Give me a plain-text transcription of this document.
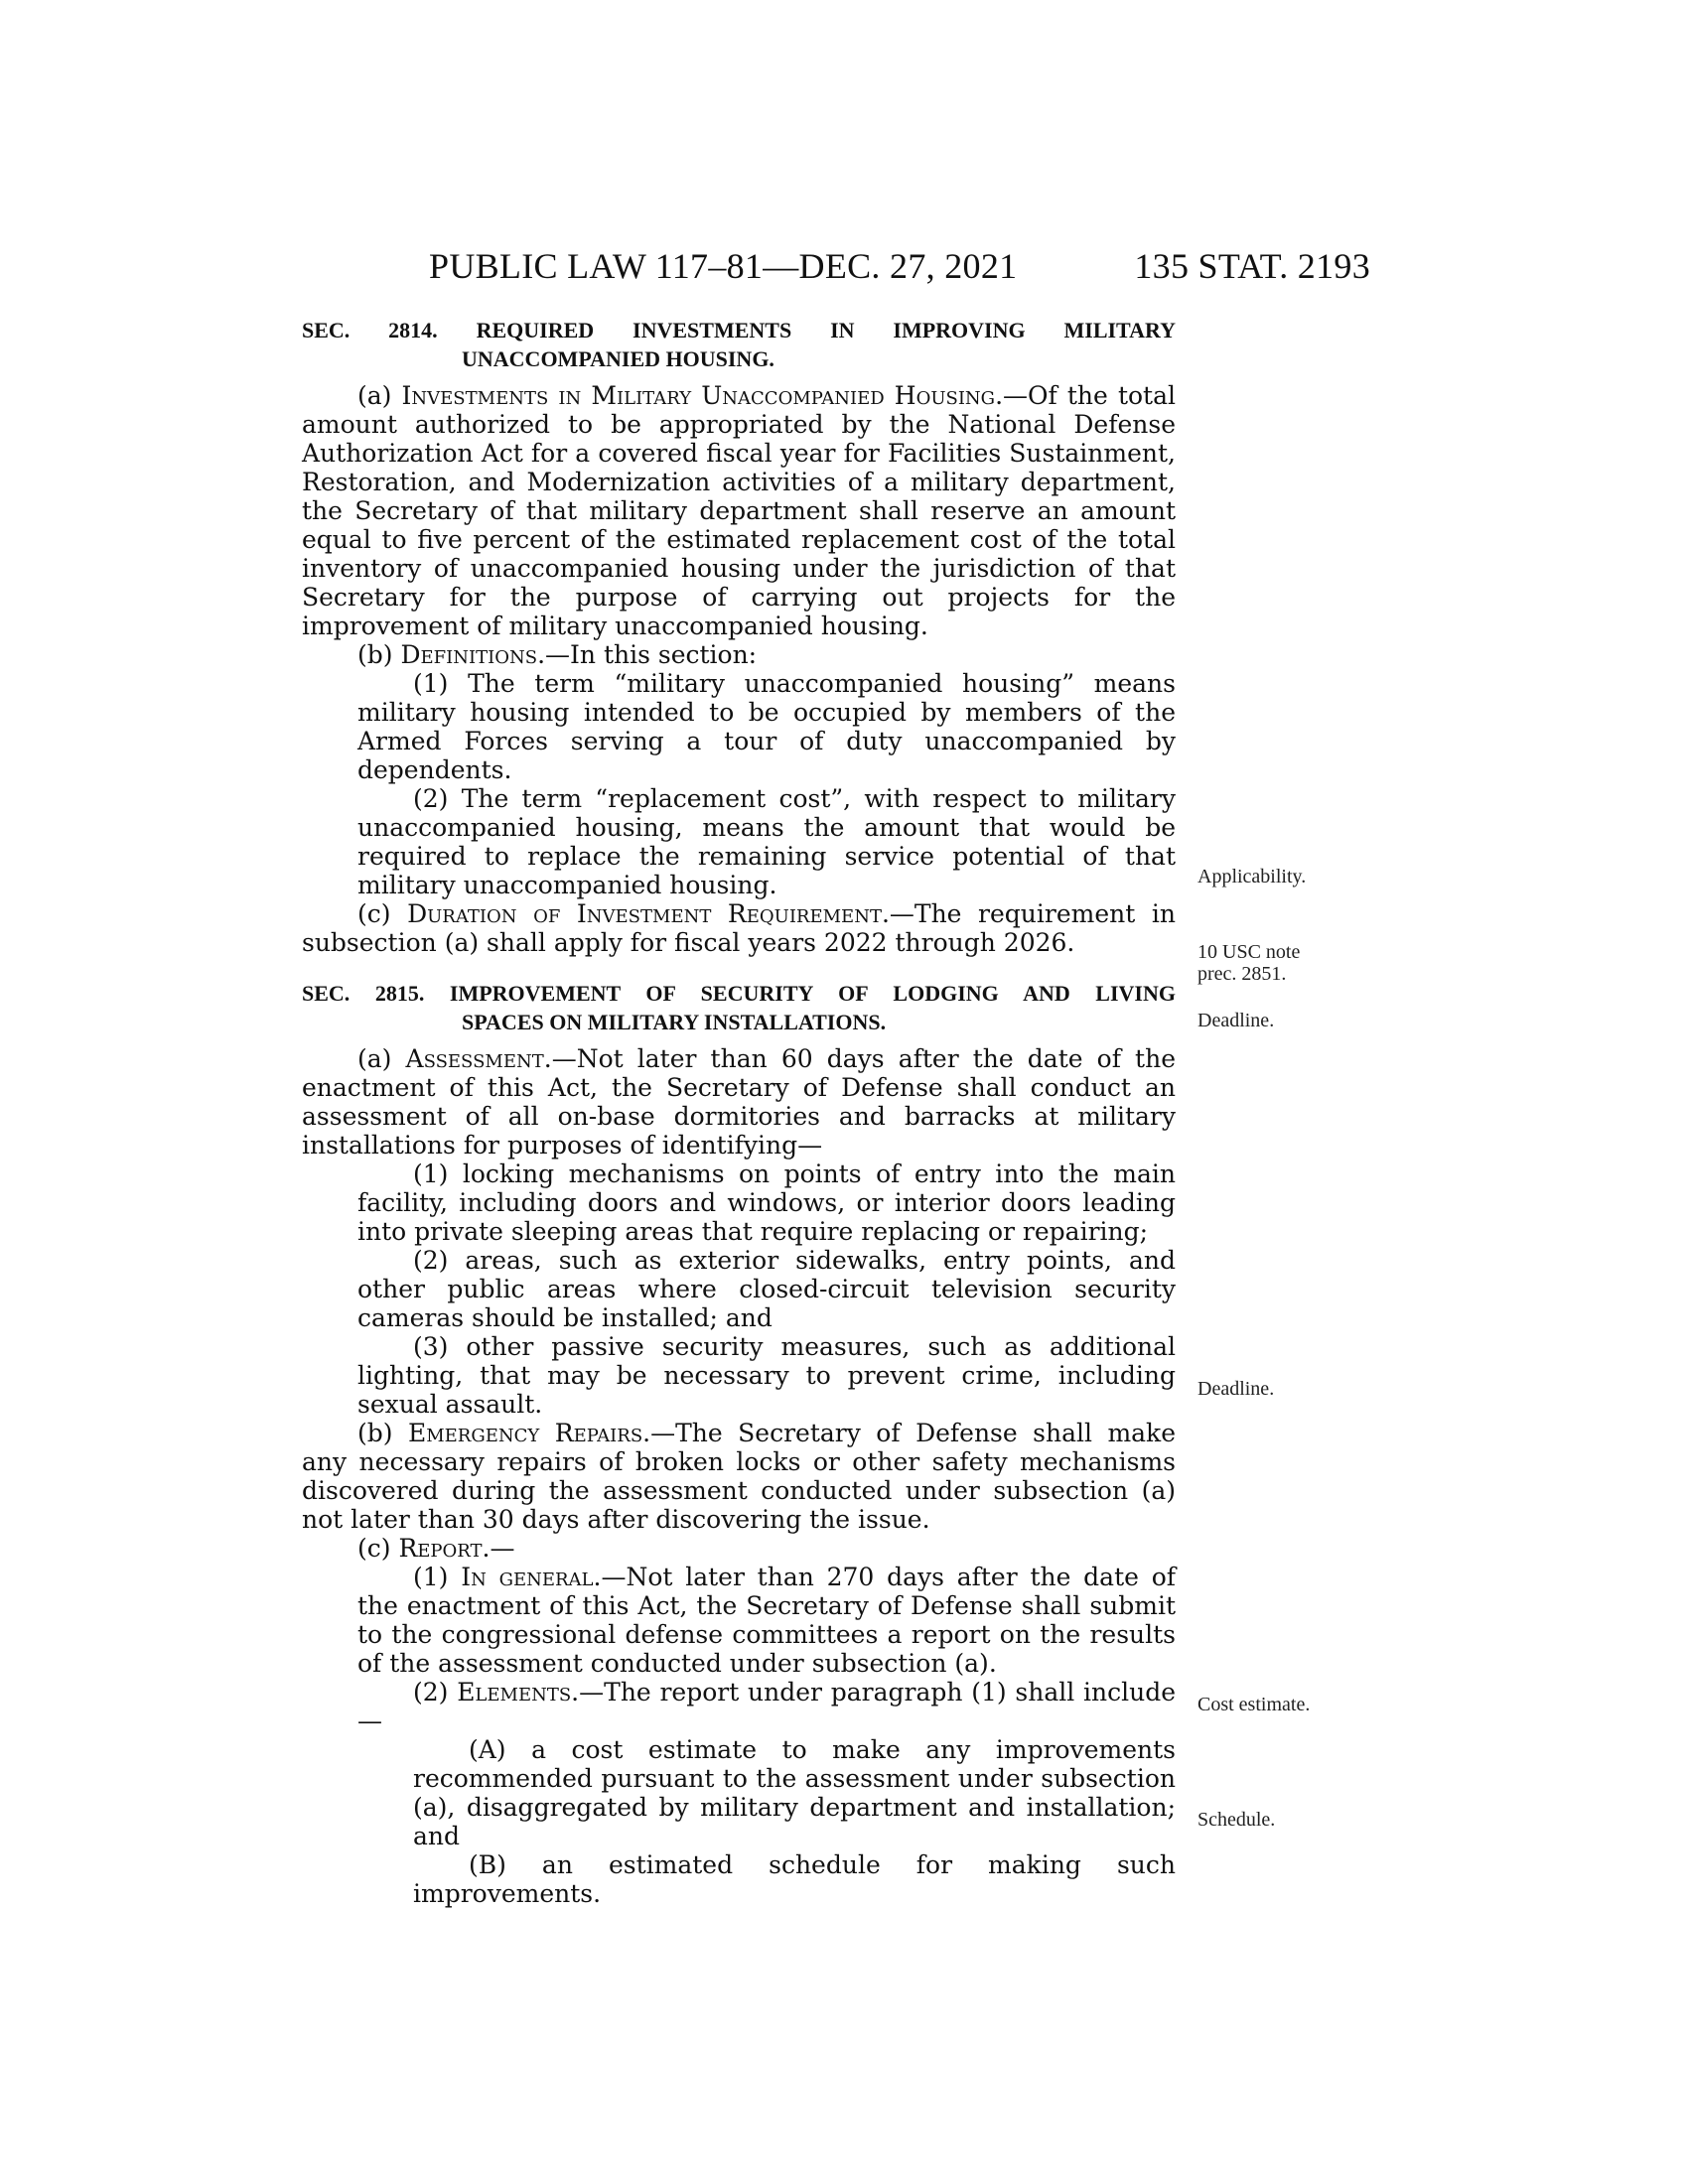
PUBLIC LAW 117–81—DEC. 27, 2021	135 STAT. 2193
SEC. 2814. REQUIRED INVESTMENTS IN IMPROVING MILITARY
UNACCOMPANIED HOUSING.

(a) Investments in Military Unaccompanied Housing.—Of the total amount authorized to be appropriated by the National Defense Authorization Act for a covered fiscal year for Facilities Sustainment, Restoration, and Modernization activities of a military department, the Secretary of that military department shall reserve an amount equal to five percent of the estimated replacement cost of the total inventory of unaccompanied housing under the jurisdiction of that Secretary for the purpose of carrying out projects for the improvement of military unaccompanied housing.

(b) Definitions.—In this section:

(1) The term “military unaccompanied housing” means military housing intended to be occupied by members of the Armed Forces serving a tour of duty unaccompanied by dependents.

(2) The term “replacement cost”, with respect to military unaccompanied housing, means the amount that would be required to replace the remaining service potential of that military unaccompanied housing.

(c) Duration of Investment Requirement.—The requirement in subsection (a) shall apply for fiscal years 2022 through 2026.

SEC. 2815. IMPROVEMENT OF SECURITY OF LODGING AND LIVING
SPACES ON MILITARY INSTALLATIONS.

(a) Assessment.—Not later than 60 days after the date of the enactment of this Act, the Secretary of Defense shall conduct an assessment of all on-base dormitories and barracks at military installations for purposes of identifying—

(1) locking mechanisms on points of entry into the main facility, including doors and windows, or interior doors leading into private sleeping areas that require replacing or repairing;

(2) areas, such as exterior sidewalks, entry points, and other public areas where closed-circuit television security cameras should be installed; and

(3) other passive security measures, such as additional lighting, that may be necessary to prevent crime, including sexual assault.

(b) Emergency Repairs.—The Secretary of Defense shall make any necessary repairs of broken locks or other safety mechanisms discovered during the assessment conducted under subsection (a) not later than 30 days after discovering the issue.

(c) Report.—

(1) In general.—Not later than 270 days after the date of the enactment of this Act, the Secretary of Defense shall submit to the congressional defense committees a report on the results of the assessment conducted under subsection (a).

(2) Elements.—The report under paragraph (1) shall include—

(A) a cost estimate to make any improvements recommended pursuant to the assessment under subsection (a), disaggregated by military department and installation; and

(B) an estimated schedule for making such improvements.

Applicability.
10 USC note
prec. 2851.
Deadline.
Deadline.
Cost estimate.
Schedule.
